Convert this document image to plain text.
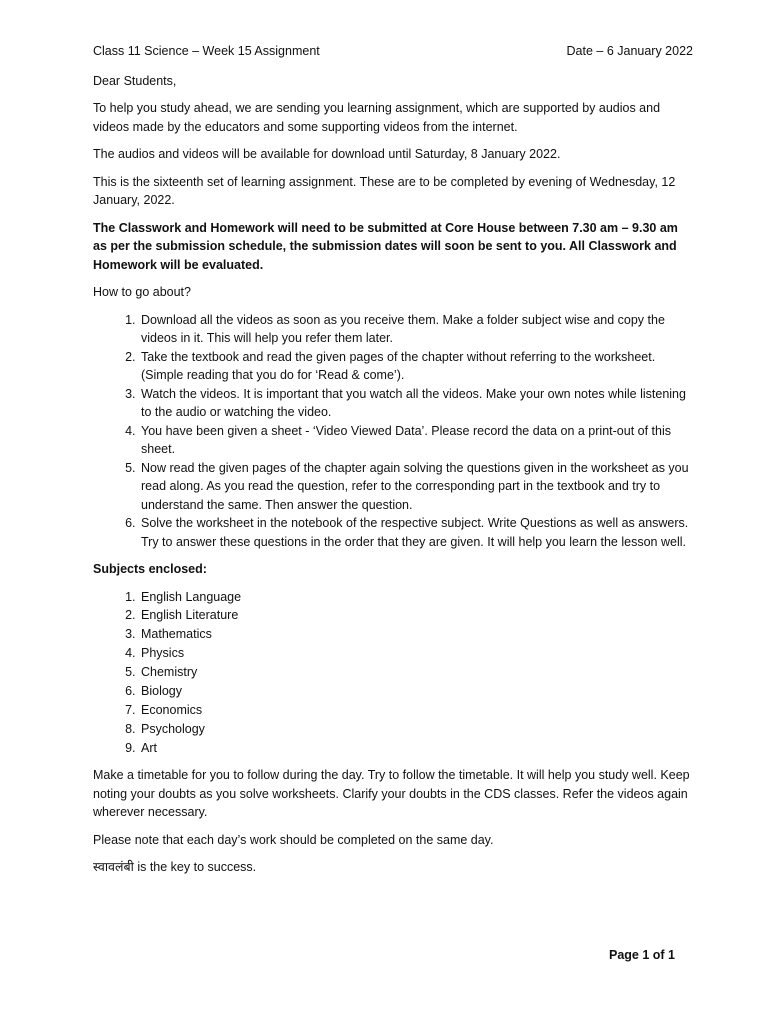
Class 11 Science – Week 15 Assignment	Date – 6 January 2022

Dear Students,

To help you study ahead, we are sending you learning assignment, which are supported by audios and videos made by the educators and some supporting videos from the internet.

The audios and videos will be available for download until Saturday, 8 January 2022.

This is the sixteenth set of learning assignment. These are to be completed by evening of Wednesday, 12 January, 2022.

The Classwork and Homework will need to be submitted at Core House between 7.30 am – 9.30 am as per the submission schedule, the submission dates will soon be sent to you. All Classwork and Homework will be evaluated.

How to go about?

1. Download all the videos as soon as you receive them. Make a folder subject wise and copy the videos in it. This will help you refer them later.
2. Take the textbook and read the given pages of the chapter without referring to the worksheet. (Simple reading that you do for ‘Read & come’).
3. Watch the videos. It is important that you watch all the videos. Make your own notes while listening to the audio or watching the video.
4. You have been given a sheet - ‘Video Viewed Data’. Please record the data on a print-out of this sheet.
5. Now read the given pages of the chapter again solving the questions given in the worksheet as you read along. As you read the question, refer to the corresponding part in the textbook and try to understand the same. Then answer the question.
6. Solve the worksheet in the notebook of the respective subject. Write Questions as well as answers. Try to answer these questions in the order that they are given. It will help you learn the lesson well.

Subjects enclosed:

1. English Language
2. English Literature
3. Mathematics
4. Physics
5. Chemistry
6. Biology
7. Economics
8. Psychology
9. Art

Make a timetable for you to follow during the day. Try to follow the timetable. It will help you study well. Keep noting your doubts as you solve worksheets. Clarify your doubts in the CDS classes. Refer the videos again wherever necessary.

Please note that each day’s work should be completed on the same day.

स्वावलंबी is the key to success.

Page 1 of 1
